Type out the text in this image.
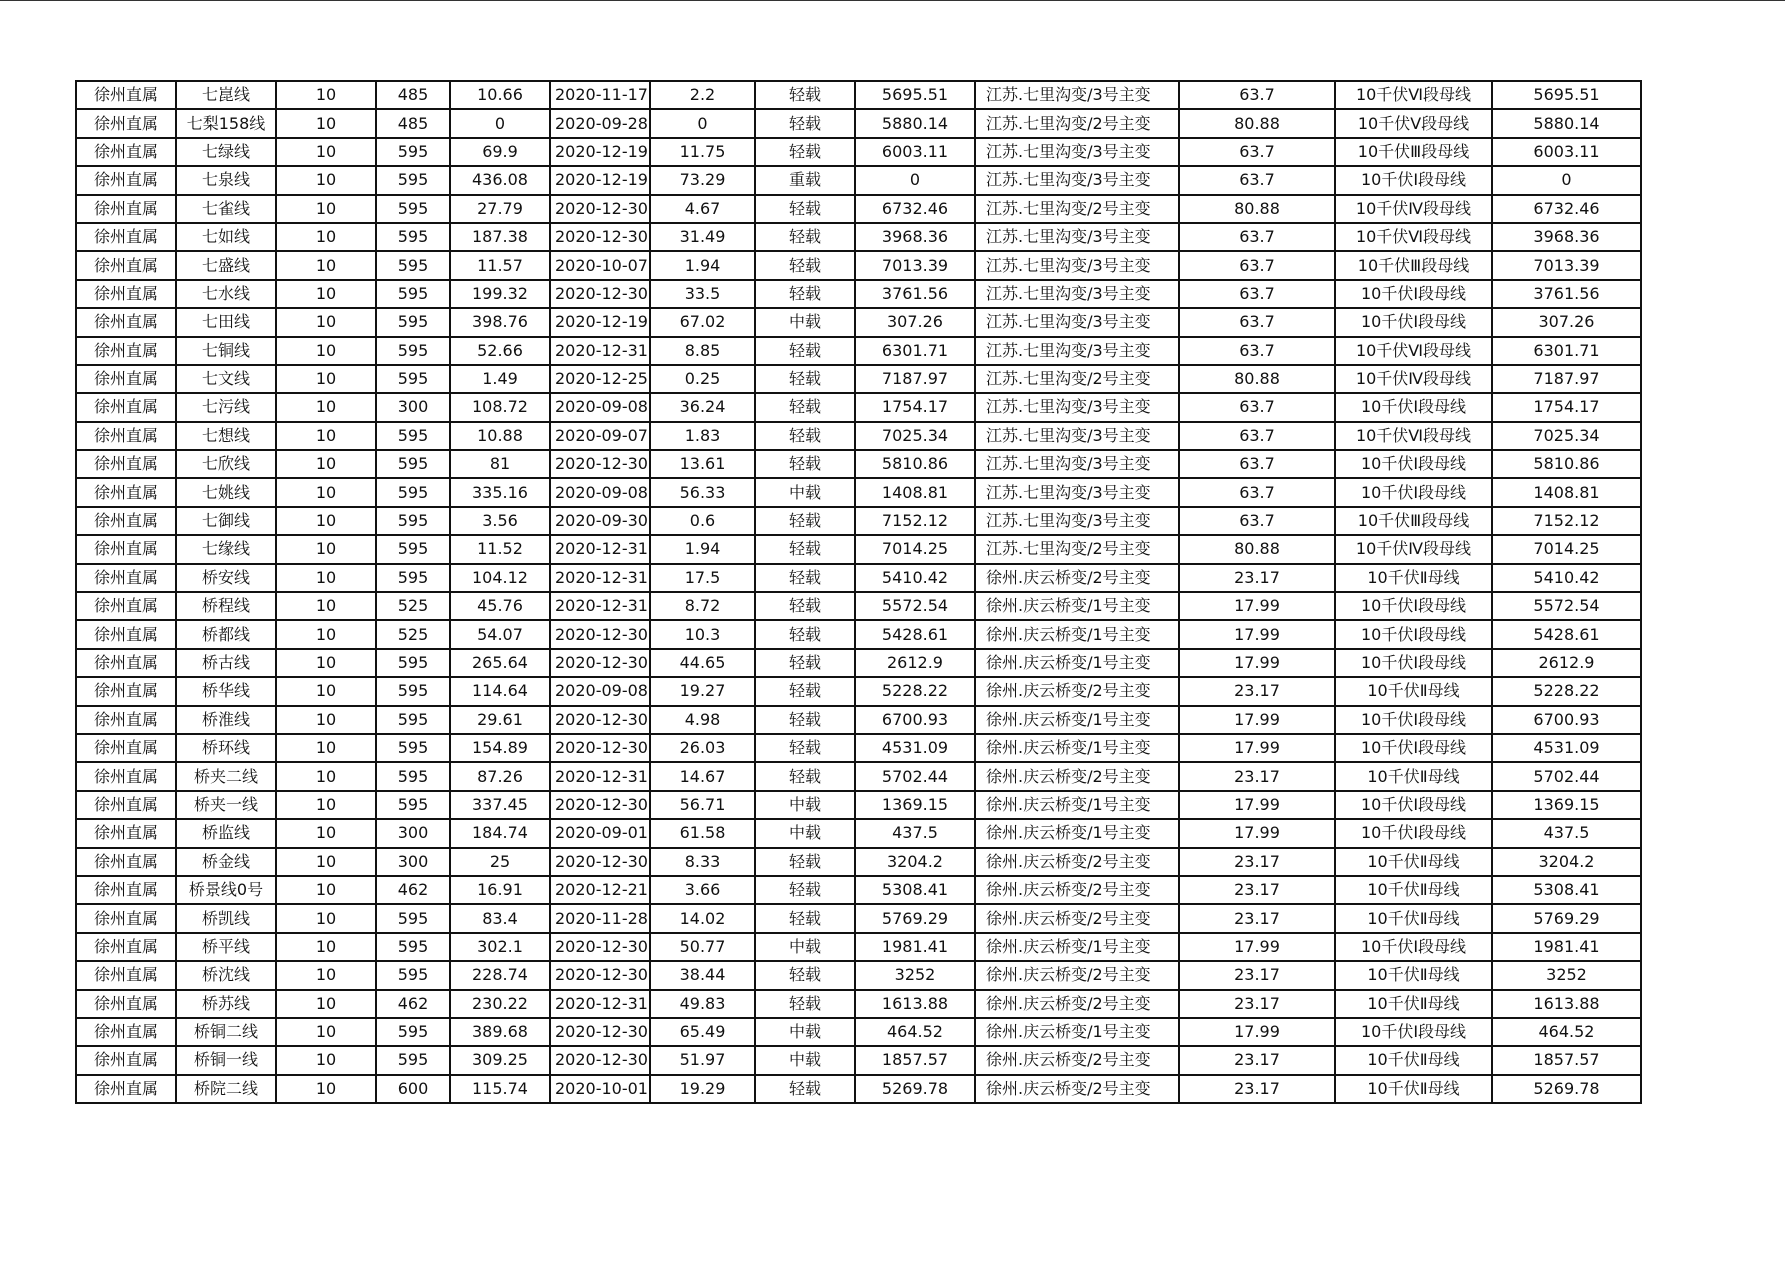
徐州直属	七崑线	10	485	10.66	2020-11-17	2.2	轻载	5695.51	江苏.七里沟变/3号主变	63.7	10千伏Ⅵ段母线	5695.51
徐州直属	七梨158线	10	485	0	2020-09-28	0	轻载	5880.14	江苏.七里沟变/2号主变	80.88	10千伏Ⅴ段母线	5880.14
徐州直属	七绿线	10	595	69.9	2020-12-19	11.75	轻载	6003.11	江苏.七里沟变/3号主变	63.7	10千伏Ⅲ段母线	6003.11
徐州直属	七泉线	10	595	436.08	2020-12-19	73.29	重载	0	江苏.七里沟变/3号主变	63.7	10千伏Ⅰ段母线	0
徐州直属	七雀线	10	595	27.79	2020-12-30	4.67	轻载	6732.46	江苏.七里沟变/2号主变	80.88	10千伏Ⅳ段母线	6732.46
徐州直属	七如线	10	595	187.38	2020-12-30	31.49	轻载	3968.36	江苏.七里沟变/3号主变	63.7	10千伏Ⅵ段母线	3968.36
徐州直属	七盛线	10	595	11.57	2020-10-07	1.94	轻载	7013.39	江苏.七里沟变/3号主变	63.7	10千伏Ⅲ段母线	7013.39
徐州直属	七水线	10	595	199.32	2020-12-30	33.5	轻载	3761.56	江苏.七里沟变/3号主变	63.7	10千伏Ⅰ段母线	3761.56
徐州直属	七田线	10	595	398.76	2020-12-19	67.02	中载	307.26	江苏.七里沟变/3号主变	63.7	10千伏Ⅰ段母线	307.26
徐州直属	七铜线	10	595	52.66	2020-12-31	8.85	轻载	6301.71	江苏.七里沟变/3号主变	63.7	10千伏Ⅵ段母线	6301.71
徐州直属	七文线	10	595	1.49	2020-12-25	0.25	轻载	7187.97	江苏.七里沟变/2号主变	80.88	10千伏Ⅳ段母线	7187.97
徐州直属	七污线	10	300	108.72	2020-09-08	36.24	轻载	1754.17	江苏.七里沟变/3号主变	63.7	10千伏Ⅰ段母线	1754.17
徐州直属	七想线	10	595	10.88	2020-09-07	1.83	轻载	7025.34	江苏.七里沟变/3号主变	63.7	10千伏Ⅵ段母线	7025.34
徐州直属	七欣线	10	595	81	2020-12-30	13.61	轻载	5810.86	江苏.七里沟变/3号主变	63.7	10千伏Ⅰ段母线	5810.86
徐州直属	七姚线	10	595	335.16	2020-09-08	56.33	中载	1408.81	江苏.七里沟变/3号主变	63.7	10千伏Ⅰ段母线	1408.81
徐州直属	七御线	10	595	3.56	2020-09-30	0.6	轻载	7152.12	江苏.七里沟变/3号主变	63.7	10千伏Ⅲ段母线	7152.12
徐州直属	七缘线	10	595	11.52	2020-12-31	1.94	轻载	7014.25	江苏.七里沟变/2号主变	80.88	10千伏Ⅳ段母线	7014.25
徐州直属	桥安线	10	595	104.12	2020-12-31	17.5	轻载	5410.42	徐州.庆云桥变/2号主变	23.17	10千伏Ⅱ母线	5410.42
徐州直属	桥程线	10	525	45.76	2020-12-31	8.72	轻载	5572.54	徐州.庆云桥变/1号主变	17.99	10千伏Ⅰ段母线	5572.54
徐州直属	桥都线	10	525	54.07	2020-12-30	10.3	轻载	5428.61	徐州.庆云桥变/1号主变	17.99	10千伏Ⅰ段母线	5428.61
徐州直属	桥古线	10	595	265.64	2020-12-30	44.65	轻载	2612.9	徐州.庆云桥变/1号主变	17.99	10千伏Ⅰ段母线	2612.9
徐州直属	桥华线	10	595	114.64	2020-09-08	19.27	轻载	5228.22	徐州.庆云桥变/2号主变	23.17	10千伏Ⅱ母线	5228.22
徐州直属	桥淮线	10	595	29.61	2020-12-30	4.98	轻载	6700.93	徐州.庆云桥变/1号主变	17.99	10千伏Ⅰ段母线	6700.93
徐州直属	桥环线	10	595	154.89	2020-12-30	26.03	轻载	4531.09	徐州.庆云桥变/1号主变	17.99	10千伏Ⅰ段母线	4531.09
徐州直属	桥夹二线	10	595	87.26	2020-12-31	14.67	轻载	5702.44	徐州.庆云桥变/2号主变	23.17	10千伏Ⅱ母线	5702.44
徐州直属	桥夹一线	10	595	337.45	2020-12-30	56.71	中载	1369.15	徐州.庆云桥变/1号主变	17.99	10千伏Ⅰ段母线	1369.15
徐州直属	桥监线	10	300	184.74	2020-09-01	61.58	中载	437.5	徐州.庆云桥变/1号主变	17.99	10千伏Ⅰ段母线	437.5
徐州直属	桥金线	10	300	25	2020-12-30	8.33	轻载	3204.2	徐州.庆云桥变/2号主变	23.17	10千伏Ⅱ母线	3204.2
徐州直属	桥景线0号	10	462	16.91	2020-12-21	3.66	轻载	5308.41	徐州.庆云桥变/2号主变	23.17	10千伏Ⅱ母线	5308.41
徐州直属	桥凯线	10	595	83.4	2020-11-28	14.02	轻载	5769.29	徐州.庆云桥变/2号主变	23.17	10千伏Ⅱ母线	5769.29
徐州直属	桥平线	10	595	302.1	2020-12-30	50.77	中载	1981.41	徐州.庆云桥变/1号主变	17.99	10千伏Ⅰ段母线	1981.41
徐州直属	桥沈线	10	595	228.74	2020-12-30	38.44	轻载	3252	徐州.庆云桥变/2号主变	23.17	10千伏Ⅱ母线	3252
徐州直属	桥苏线	10	462	230.22	2020-12-31	49.83	轻载	1613.88	徐州.庆云桥变/2号主变	23.17	10千伏Ⅱ母线	1613.88
徐州直属	桥铜二线	10	595	389.68	2020-12-30	65.49	中载	464.52	徐州.庆云桥变/1号主变	17.99	10千伏Ⅰ段母线	464.52
徐州直属	桥铜一线	10	595	309.25	2020-12-30	51.97	中载	1857.57	徐州.庆云桥变/2号主变	23.17	10千伏Ⅱ母线	1857.57
徐州直属	桥院二线	10	600	115.74	2020-10-01	19.29	轻载	5269.78	徐州.庆云桥变/2号主变	23.17	10千伏Ⅱ母线	5269.78
